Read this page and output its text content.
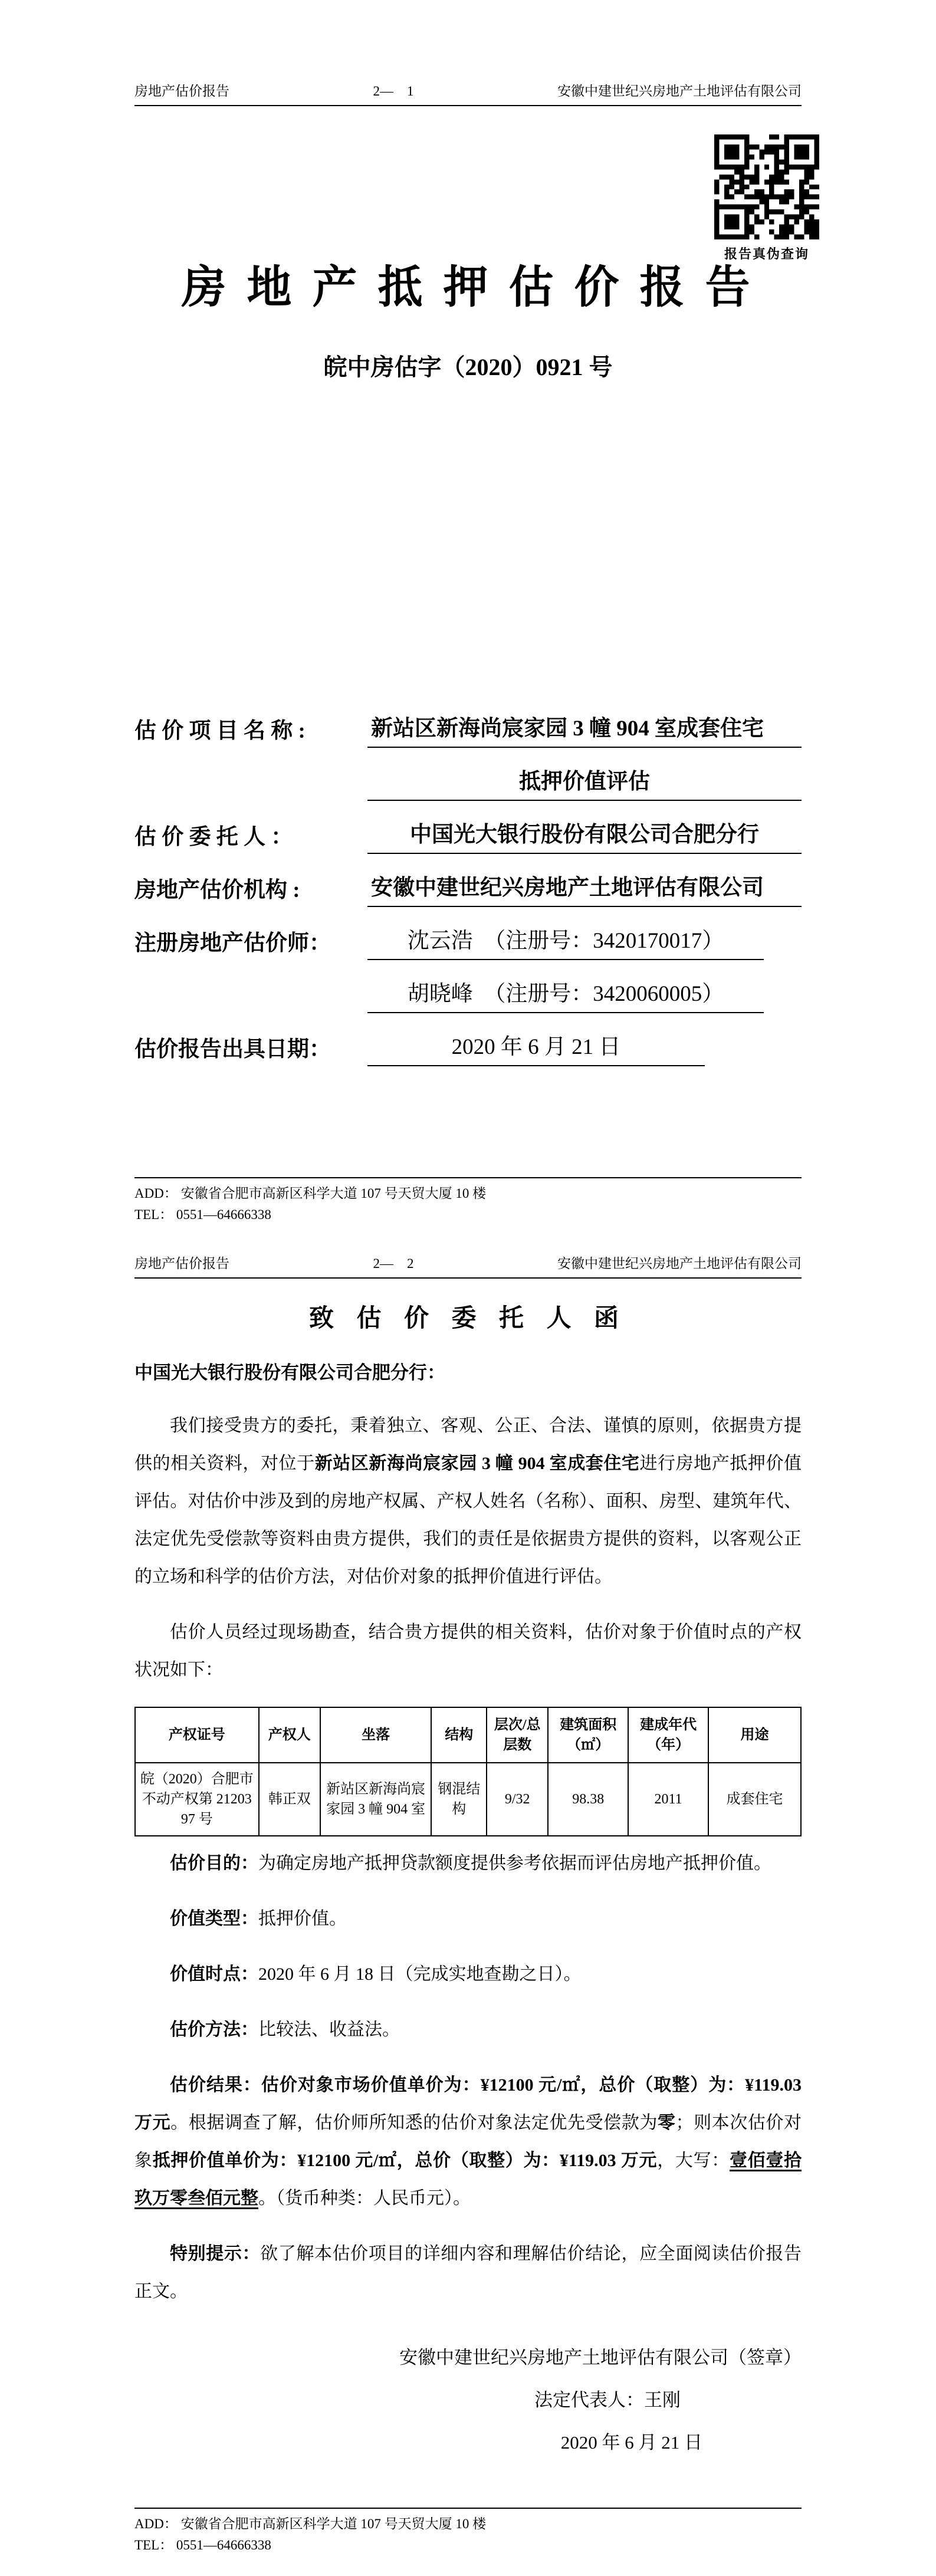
房地产估价报告	2—    1	安徽中建世纪兴房地产土地评估有限公司
房 地 产 抵 押 估 价 报 告
皖中房估字（2020）0921 号
估 价 项 目 名 称 :	新站区新海尚宸家园 3 幢 904 室成套住宅
抵押价值评估
估 价 委 托 人 ：	中国光大银行股份有限公司合肥分行
房地产估价机构 :	安徽中建世纪兴房地产土地评估有限公司
注册房地产估价师：	沈云浩　（注册号：3420170017）
胡晓峰　（注册号：3420060005）
估价报告出具日期：	2020 年 6 月 21 日
报告真伪查询
ADD： 安徽省合肥市高新区科学大道 107 号天贸大厦 10 楼
TEL： 0551—64666338
房地产估价报告	2—    2	安徽中建世纪兴房地产土地评估有限公司
致 估 价 委 托 人 函
中国光大银行股份有限公司合肥分行：

我们接受贵方的委托，秉着独立、客观、公正、合法、谨慎的原则，依据贵方提供的相关资料，对位于新站区新海尚宸家园 3 幢 904 室成套住宅进行房地产抵押价值评估。对估价中涉及到的房地产权属、产权人姓名（名称）、面积、房型、建筑年代、法定优先受偿款等资料由贵方提供，我们的责任是依据贵方提供的资料，以客观公正的立场和科学的估价方法，对估价对象的抵押价值进行评估。

估价人员经过现场勘查，结合贵方提供的相关资料，估价对象于价值时点的产权状况如下：

产权证号	产权人	坐落	结构	层次/总层数	建筑面积（㎡）	建成年代（年）	用途
皖（2020）合肥市不动产权第 2120397 号	韩正双	新站区新海尚宸家园 3 幢 904 室	钢混结构	9/32	98.38	2011	成套住宅

估价目的：为确定房地产抵押贷款额度提供参考依据而评估房地产抵押价值。

价值类型：抵押价值。

价值时点：2020 年 6 月 18 日（完成实地查勘之日）。

估价方法：比较法、收益法。

估价结果：估价对象市场价值单价为：¥12100 元/㎡，总价（取整）为：¥119.03 万元。根据调查了解，估价师所知悉的估价对象法定优先受偿款为零；则本次估价对象抵押价值单价为：¥12100 元/㎡，总价（取整）为：¥119.03 万元，大写：壹佰壹拾玖万零叁佰元整。（货币种类：人民币元）。

特别提示：欲了解本估价项目的详细内容和理解估价结论，应全面阅读估价报告正文。

安徽中建世纪兴房地产土地评估有限公司（签章）
法定代表人：王刚
2020 年 6 月 21 日
ADD： 安徽省合肥市高新区科学大道 107 号天贸大厦 10 楼
TEL： 0551—64666338
